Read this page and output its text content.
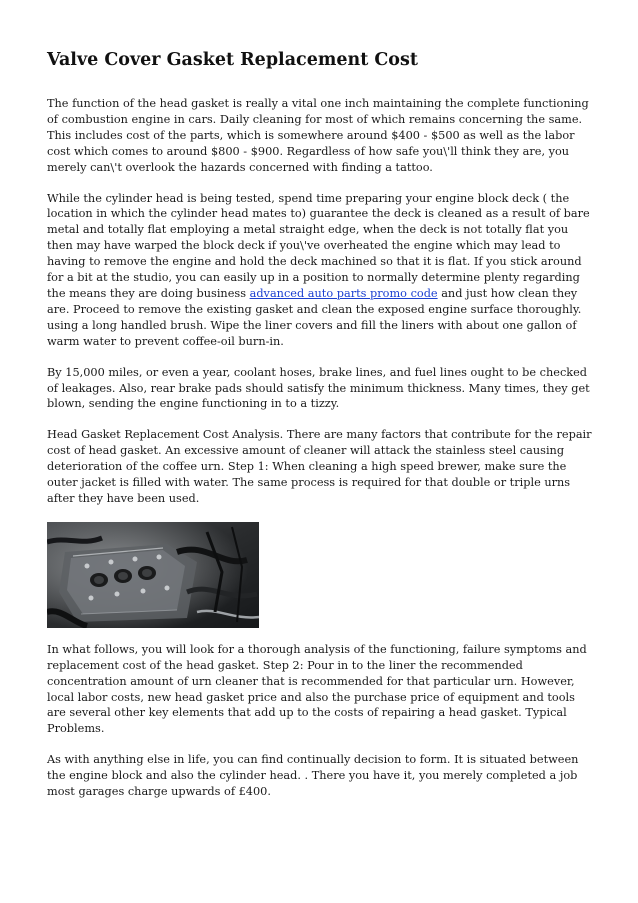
Valve Cover Gasket Replacement Cost

The function of the head gasket is really a vital one inch maintaining the complete functioning of combustion engine in cars. Daily cleaning for most of which remains concerning the same. This includes cost of the parts, which is somewhere around $400 - $500 as well as the labor cost which comes to around $800 - $900. Regardless of how safe you\'ll think they are, you merely can\'t overlook the hazards concerned with finding a tattoo.

While the cylinder head is being tested, spend time preparing your engine block deck ( the location in which the cylinder head mates to) guarantee the deck is cleaned as a result of bare metal and totally flat employing a metal straight edge, when the deck is not totally flat you then may have warped the block deck if you\'ve overheated the engine which may lead to having to remove the engine and hold the deck machined so that it is flat. If you stick around for a bit at the studio, you can easily up in a position to normally determine plenty regarding the means they are doing business advanced auto parts promo code and just how clean they are. Proceed to remove the existing gasket and clean the exposed engine surface thoroughly. using a long handled brush. Wipe the liner covers and fill the liners with about one gallon of warm water to prevent coffee-oil burn-in.

By 15,000 miles, or even a year, coolant hoses, brake lines, and fuel lines ought to be checked of leakages. Also, rear brake pads should satisfy the minimum thickness. Many times, they get blown, sending the engine functioning in to a tizzy.

Head Gasket Replacement Cost Analysis. There are many factors that contribute for the repair cost of head gasket. An excessive amount of cleaner will attack the stainless steel causing deterioration of the coffee urn. Step 1: When cleaning a high speed brewer, make sure the outer jacket is filled with water. The same process is required for that double or triple urns after they have been used.

In what follows, you will look for a thorough analysis of the functioning, failure symptoms and replacement cost of the head gasket. Step 2: Pour in to the liner the recommended concentration amount of urn cleaner that is recommended for that particular urn. However, local labor costs, new head gasket price and also the purchase price of equipment and tools are several other key elements that add up to the costs of repairing a head gasket. Typical Problems.

As with anything else in life, you can find continually decision to form. It is situated between the engine block and also the cylinder head. . There you have it, you merely completed a job most garages charge upwards of £400.
